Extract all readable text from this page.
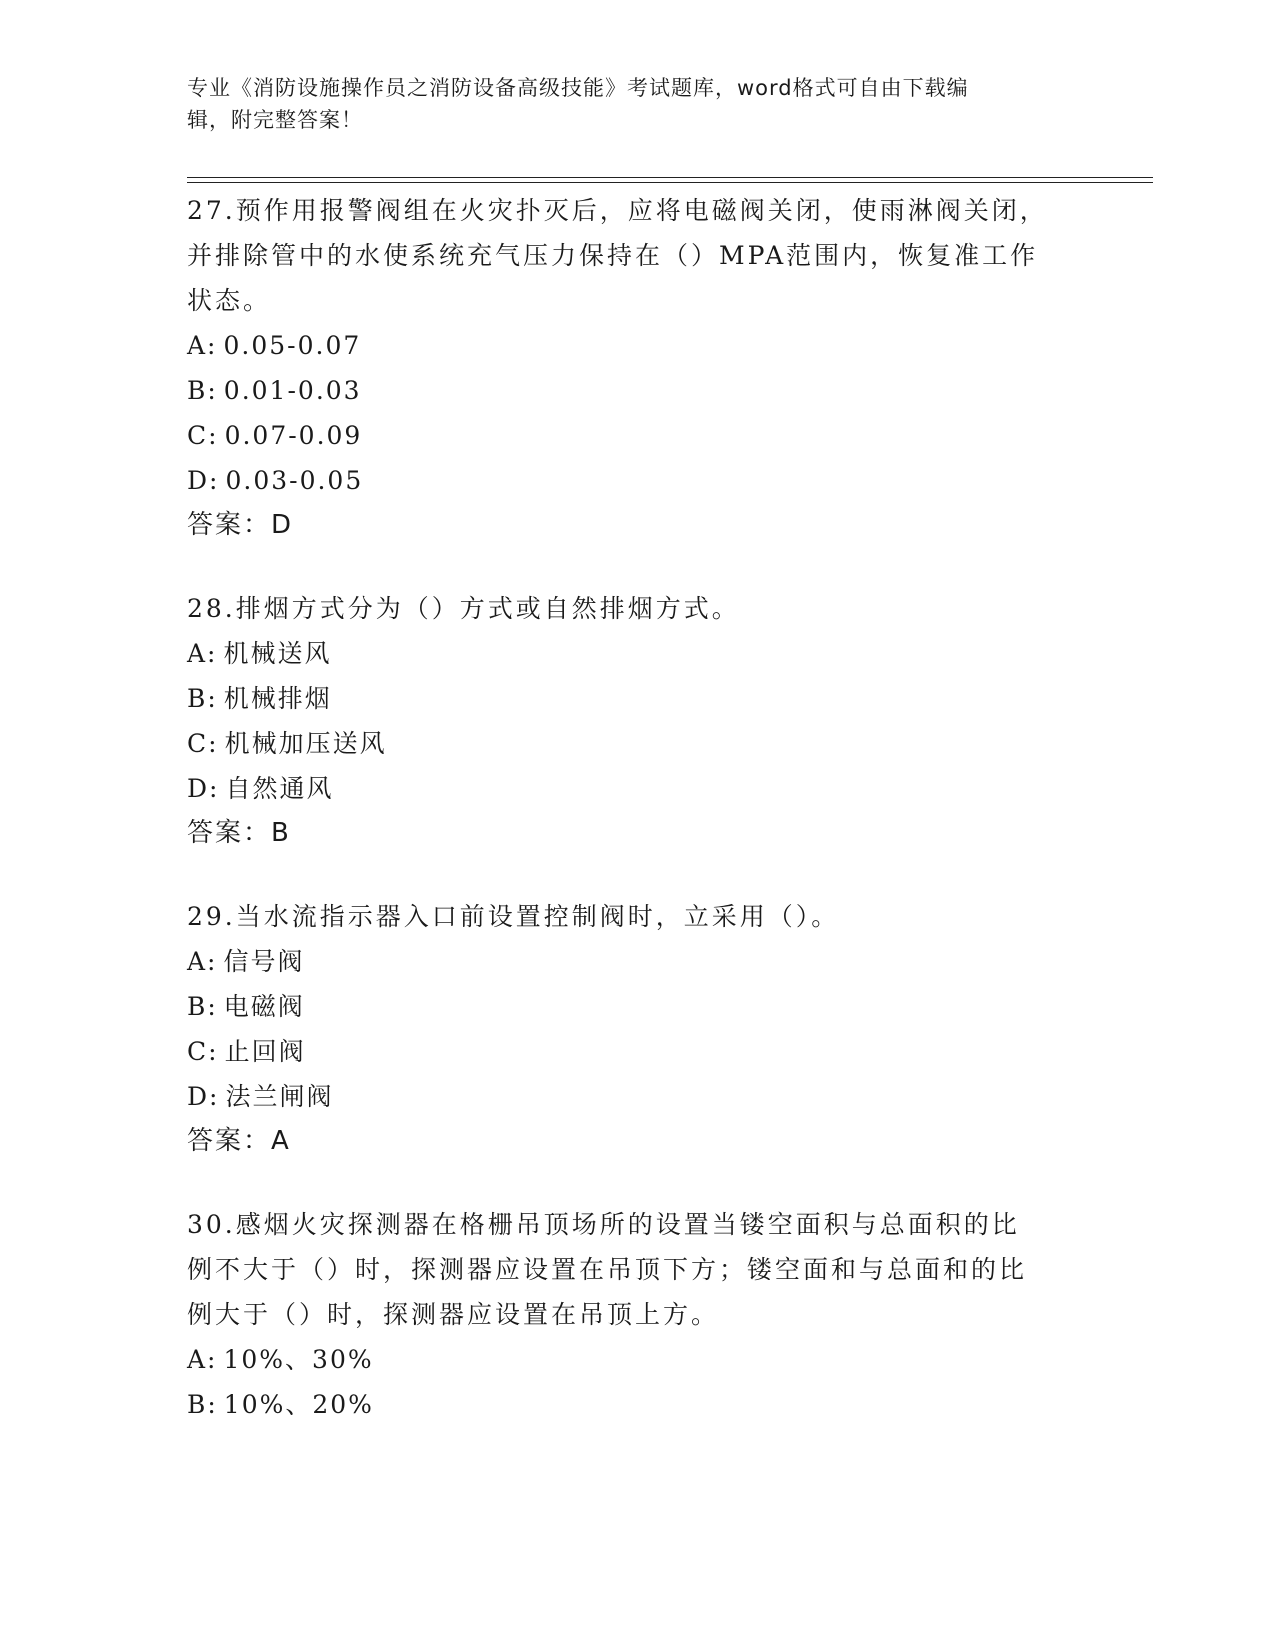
专业《消防设施操作员之消防设备高级技能》考试题库，word格式可自由下载编
辑，附完整答案！

27.预作用报警阀组在火灾扑灭后，应将电磁阀关闭，使雨淋阀关闭，并排除管中的水使系统充气压力保持在（）MPA范围内，恢复准工作状态。

A: 0.05-0.07

B: 0.01-0.03

C: 0.07-0.09

D: 0.03-0.05

答案：D

28.排烟方式分为（）方式或自然排烟方式。

A: 机械送风

B: 机械排烟

C: 机械加压送风

D: 自然通风

答案：B

29.当水流指示器入口前设置控制阀时，立采用（）。

A: 信号阀

B: 电磁阀

C: 止回阀

D: 法兰闸阀

答案：A

30.感烟火灾探测器在格栅吊顶场所的设置当镂空面积与总面积的比例不大于（）时，探测器应设置在吊顶下方；镂空面和与总面和的比例大于（）时，探测器应设置在吊顶上方。

A: 10%、30%

B: 10%、20%
